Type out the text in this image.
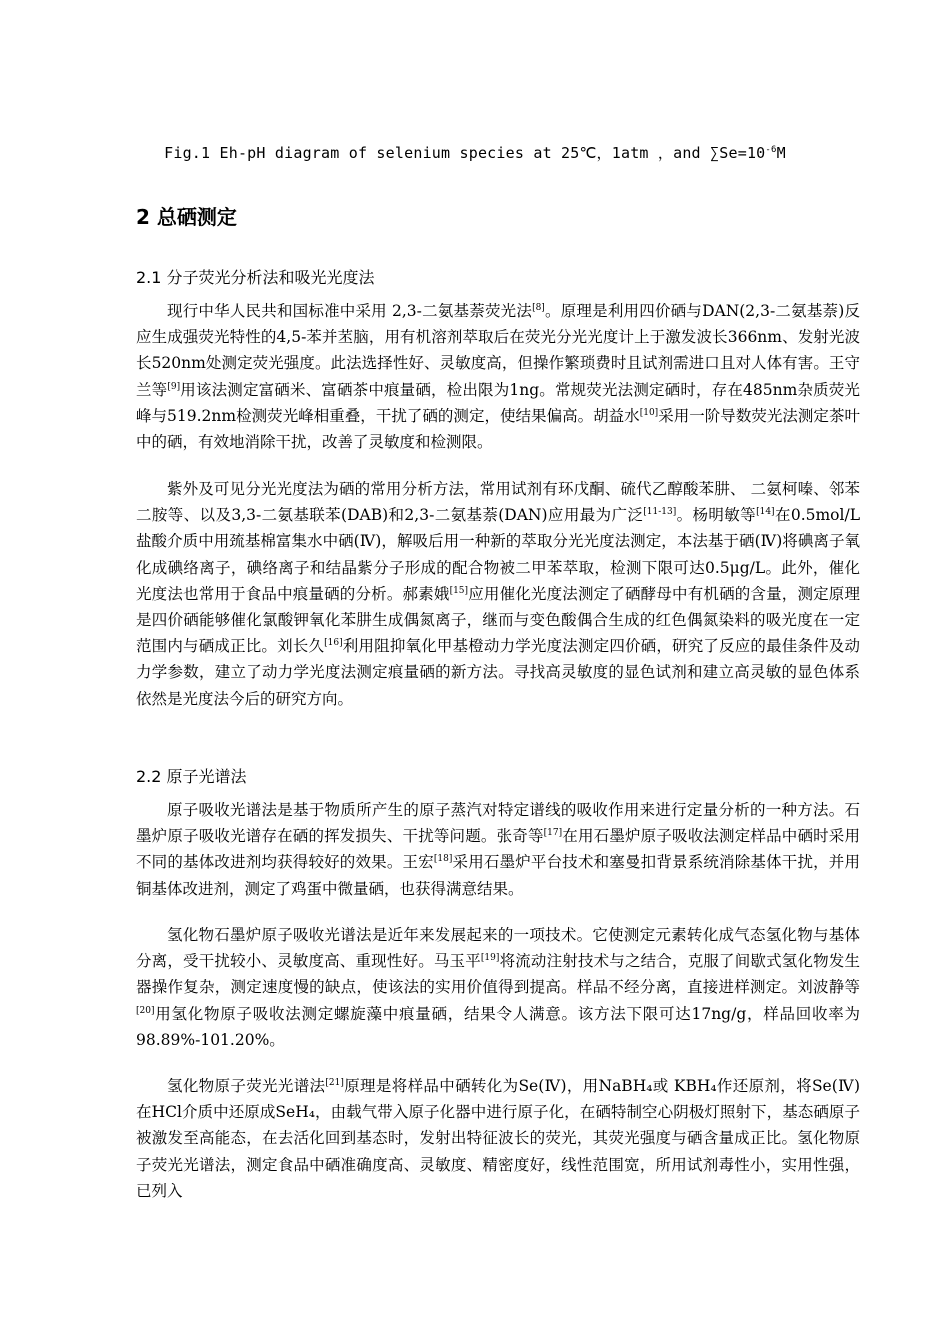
Fig.1 Eh-pH diagram of selenium species at 25℃，1atm ，and $\sum Se=10^{-6}M$
2 总硒测定
2.1 分子荧光分析法和吸光光度法
现行中华人民共和国标准中采用 2,3-二氨基萘荧光法[8]。原理是利用四价硒与DAN(2,3-二氨基萘)反应生成强荧光特性的4,5-苯并苤脑，用有机溶剂萃取后在荧光分光光度计上于激发波长366nm、发射光波长520nm处测定荧光强度。此法选择性好、灵敏度高，但操作繁琐费时且试剂需进口且对人体有害。王守兰等[9]用该法测定富硒米、富硒茶中痕量硒，检出限为1ng。常规荧光法测定硒时，存在485nm杂质荧光峰与519.2nm检测荧光峰相重叠，干扰了硒的测定，使结果偏高。胡益水[10]采用一阶导数荧光法测定茶叶中的硒，有效地消除干扰，改善了灵敏度和检测限。
紫外及可见分光光度法为硒的常用分析方法，常用试剂有环戊酮、硫代乙醇酸苯肼、 二氨柯嗪、邻苯二胺等、以及3,3-二氨基联苯(DAB)和2,3-二氨基萘(DAN)应用最为广泛[11-13]。杨明敏等[14]在0.5mol/L盐酸介质中用巯基棉富集水中硒(Ⅳ)，解吸后用一种新的萃取分光光度法测定，本法基于硒(Ⅳ)将碘离子氧化成碘络离子，碘络离子和结晶紫分子形成的配合物被二甲苯萃取，检测下限可达0.5μg/L。此外，催化光度法也常用于食品中痕量硒的分析。郝素娥[15]应用催化光度法测定了硒酵母中有机硒的含量，测定原理是四价硒能够催化氯酸钾氧化苯肼生成偶氮离子，继而与变色酸偶合生成的红色偶氮染料的吸光度在一定范围内与硒成正比。刘长久[16]利用阻抑氧化甲基橙动力学光度法测定四价硒，研究了反应的最佳条件及动力学参数，建立了动力学光度法测定痕量硒的新方法。寻找高灵敏度的显色试剂和建立高灵敏的显色体系依然是光度法今后的研究方向。
2.2 原子光谱法
原子吸收光谱法是基于物质所产生的原子蒸汽对特定谱线的吸收作用来进行定量分析的一种方法。石墨炉原子吸收光谱存在硒的挥发损失、干扰等问题。张奇等[17]在用石墨炉原子吸收法测定样品中硒时采用不同的基体改进剂均获得较好的效果。王宏[18]采用石墨炉平台技术和塞曼扣背景系统消除基体干扰，并用铜基体改进剂，测定了鸡蛋中微量硒，也获得满意结果。
氢化物石墨炉原子吸收光谱法是近年来发展起来的一项技术。它使测定元素转化成气态氢化物与基体分离，受干扰较小、灵敏度高、重现性好。马玉平[19]将流动注射技术与之结合，克服了间歇式氢化物发生器操作复杂，测定速度慢的缺点，使该法的实用价值得到提高。样品不经分离，直接进样测定。刘波静等[20]用氢化物原子吸收法测定螺旋藻中痕量硒，结果令人满意。该方法下限可达17ng/g，样品回收率为98.89%-101.20%。
氢化物原子荧光光谱法[21]原理是将样品中硒转化为Se(Ⅳ)，用NaBH₄或 KBH₄作还原剂，将Se(Ⅳ)在HCl介质中还原成SeH₄，由载气带入原子化器中进行原子化，在硒特制空心阴极灯照射下，基态硒原子被激发至高能态，在去活化回到基态时，发射出特征波长的荧光，其荧光强度与硒含量成正比。氢化物原子荧光光谱法，测定食品中硒准确度高、灵敏度、精密度好，线性范围宽，所用试剂毒性小，实用性强，已列入
